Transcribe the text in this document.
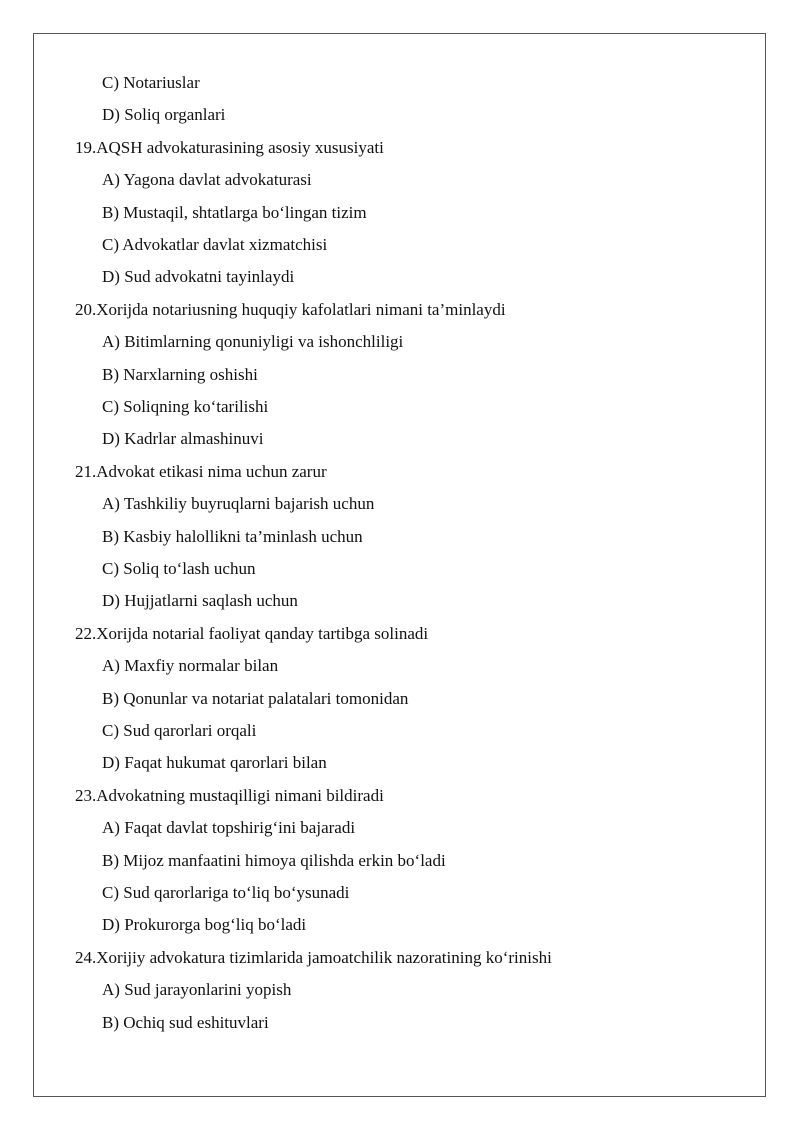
C) Notariuslar
D) Soliq organlari
19.AQSH advokaturasining asosiy xususiyati
A) Yagona davlat advokaturasi
B) Mustaqil, shtatlarga bo‘lingan tizim
C) Advokatlar davlat xizmatchisi
D) Sud advokatni tayinlaydi
20.Xorijda notariusning huquqiy kafolatlari nimani ta’minlaydi
A) Bitimlarning qonuniyligi va ishonchliligi
B) Narxlarning oshishi
C) Soliqning ko‘tarilishi
D) Kadrlar almashinuvi
21.Advokat etikasi nima uchun zarur
A) Tashkiliy buyruqlarni bajarish uchun
B) Kasbiy halollikni ta’minlash uchun
C) Soliq to‘lash uchun
D) Hujjatlarni saqlash uchun
22.Xorijda notarial faoliyat qanday tartibga solinadi
A) Maxfiy normalar bilan
B) Qonunlar va notariat palatalari tomonidan
C) Sud qarorlari orqali
D) Faqat hukumat qarorlari bilan
23.Advokatning mustaqilligi nimani bildiradi
A) Faqat davlat topshirig‘ini bajaradi
B) Mijoz manfaatini himoya qilishda erkin bo‘ladi
C) Sud qarorlariga to‘liq bo‘ysunadi
D) Prokurorga bog‘liq bo‘ladi
24.Xorijiy advokatura tizimlarida jamoatchilik nazoratining ko‘rinishi
A) Sud jarayonlarini yopish
B) Ochiq sud eshituvlari
